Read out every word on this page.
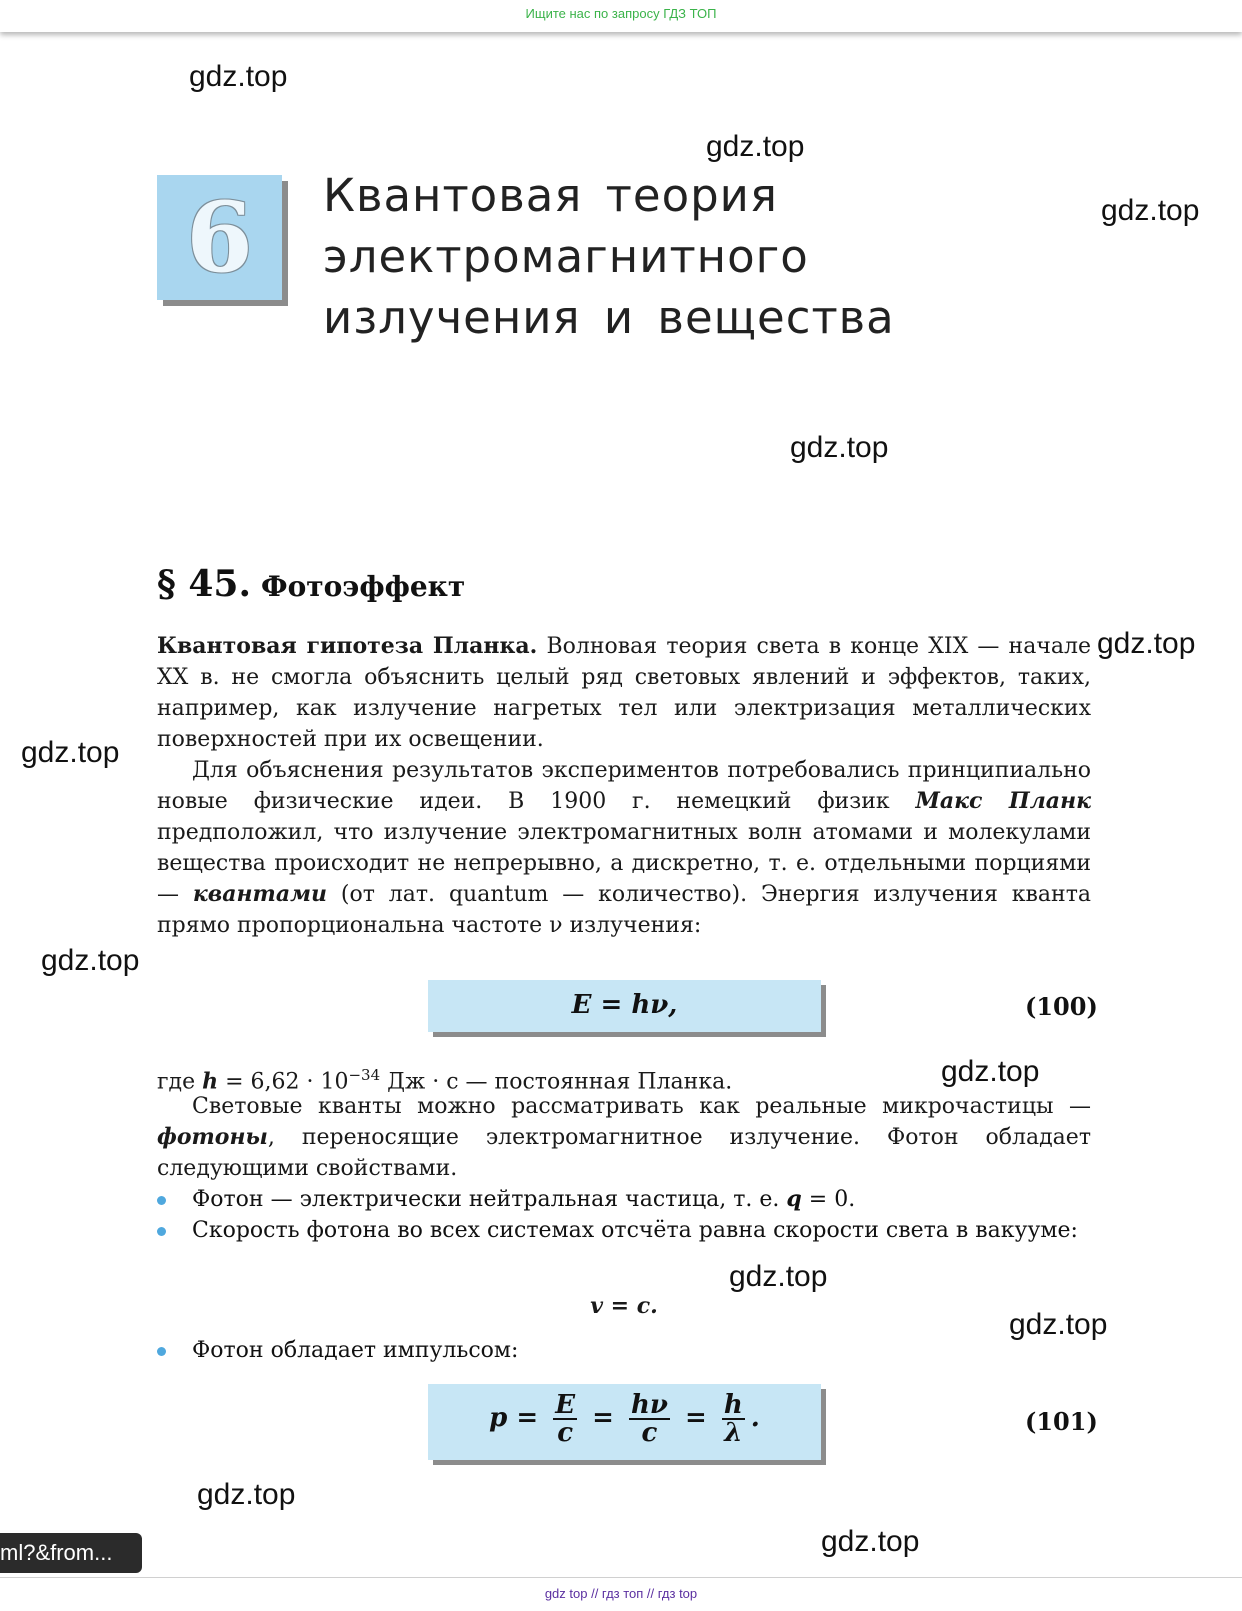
Ищите нас по запросу ГДЗ ТОП
gdz.top
gdz.top
gdz.top
gdz.top
gdz.top
gdz.top
gdz.top
gdz.top
gdz.top
gdz.top
gdz.top
gdz.top
6	Квантовая теория
электромагнитного
излучения и вещества
§ 45. Фотоэффект
Квантовая гипотеза Планка. Волновая теория света в конце XIX — начале XX в. не смогла объяснить целый ряд световых явлений и эффектов, таких, например, как излучение нагретых тел или электризация металлических поверхностей при их освещении.
Для объяснения результатов экспериментов потребовались принципиально новые физические идеи. В 1900 г. немецкий физик Макс Планк предположил, что излучение электромагнитных волн атомами и молекулами вещества происходит не непрерывно, а дискретно, т. е. отдельными порциями — квантами (от лат. quantum — количество). Энергия излучения кванта прямо пропорциональна частоте ν излучения:
E = hν,	(100)
где $h = 6,62 \cdot 10^{-34}$ Дж · с — постоянная Планка.
Световые кванты можно рассматривать как реальные микрочастицы — фотоны, переносящие электромагнитное излучение. Фотон обладает следующими свойствами.
Фотон — электрически нейтральная частица, т. е. q = 0.
Скорость фотона во всех системах отсчёта равна скорости света в вакууме:
v = c.
Фотон обладает импульсом:
$p = \frac{E}{c} = \frac{h\nu}{c} = \frac{h}{\lambda}$ .	(101)
ml?&from...
gdz top // гдз топ // гдз top
